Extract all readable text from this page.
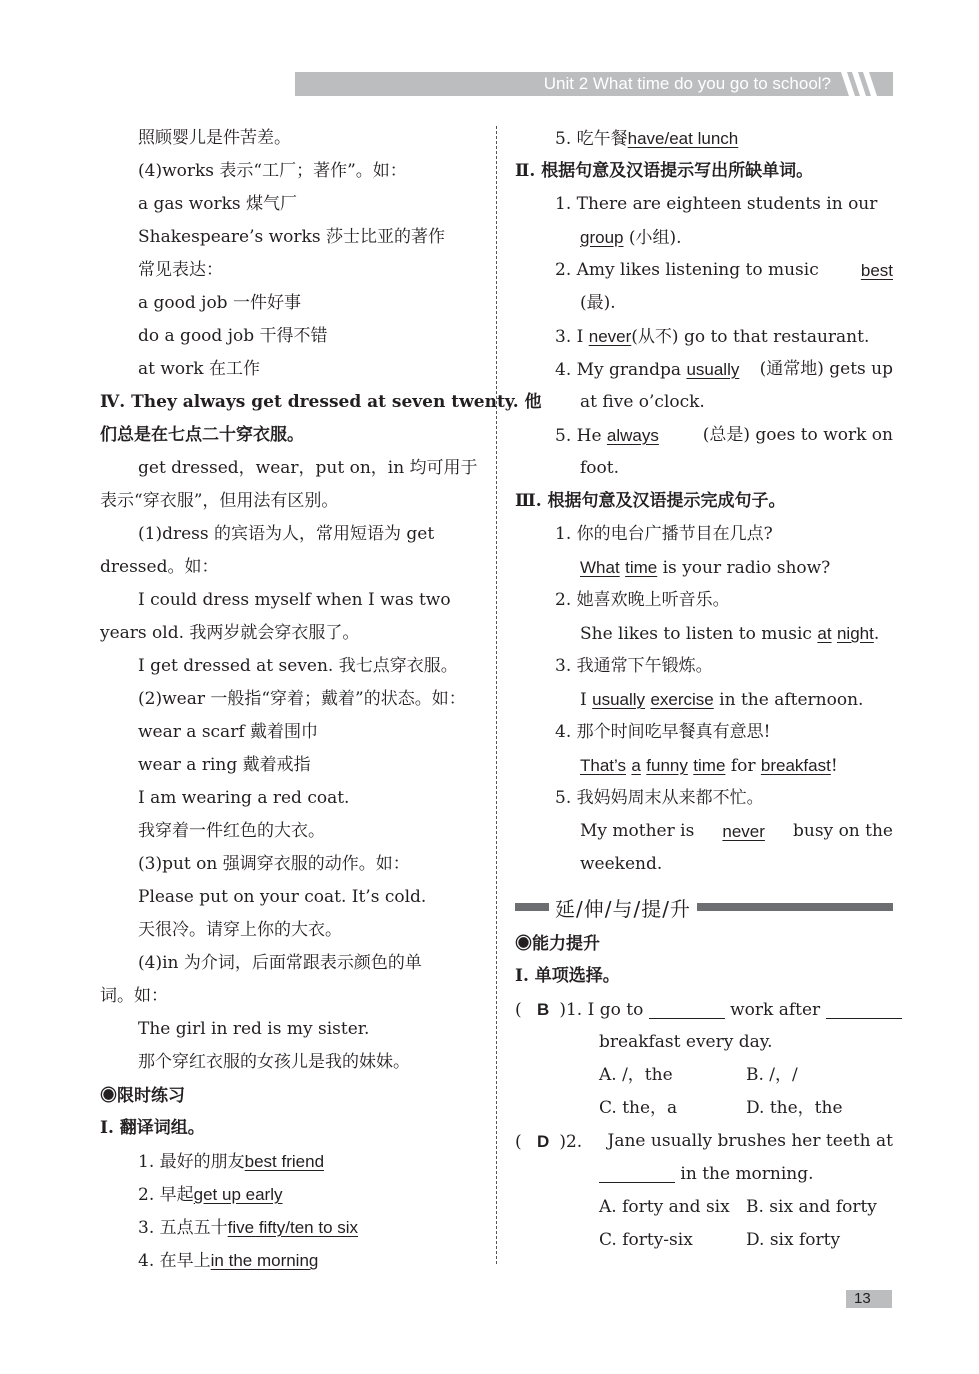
Unit 2 What time do you go to school?
照顾婴儿是件苦差。
(4)works 表示“工厂；著作”。如：
a gas works 煤气厂
Shakespeare’s works 莎士比亚的著作
常见表达：
a good job 一件好事
do a good job 干得不错
at work 在工作
Ⅳ. They always get dressed at seven twenty. 他
们总是在七点二十穿衣服。
get dressed，wear，put on，in 均可用于
表示“穿衣服”，但用法有区别。
(1)dress 的宾语为人，常用短语为 get
dressed。如：
I could dress myself when I was two
years old. 我两岁就会穿衣服了。
I get dressed at seven. 我七点穿衣服。
(2)wear 一般指“穿着；戴着”的状态。如：
wear a scarf 戴着围巾
wear a ring 戴着戒指
I am wearing a red coat.
我穿着一件红色的大衣。
(3)put on 强调穿衣服的动作。如：
Please put on your coat. It’s cold.
天很冷。请穿上你的大衣。
(4)in 为介词，后面常跟表示颜色的单
词。如：
The girl in red is my sister.
那个穿红衣服的女孩儿是我的妹妹。
◉限时练习
Ⅰ. 翻译词组。
1. 最好的朋友best friend
2. 早起get up early
3. 五点五十five fifty/ten to six
4. 在早上in the morning
5. 吃午餐have/eat lunch
Ⅱ. 根据句意及汉语提示写出所缺单词。
1. There are eighteen students in our
group (小组).
2. Amy likes listening to music best
(最).
3. I never(从不) go to that restaurant.
4. My grandpa usually (通常地) gets up
at five o’clock.
5. He always	(总是) goes to work on
foot.
Ⅲ. 根据句意及汉语提示完成句子。
1. 你的电台广播节目在几点?
What time is your radio show?
2. 她喜欢晚上听音乐。
She likes to listen to music at night.
3. 我通常下午锻炼。
I usually exercise in the afternoon.
4. 那个时间吃早餐真有意思!
That’s a funny time for breakfast!
5. 我妈妈周末从来都不忙。
My mother is never busy on the
weekend.
延/伸/与/提/升
◉能力提升
Ⅰ. 单项选择。
( B )1. I go to	work after
breakfast every day.
A. /，the	B. /，/
C. the，a	D. the，the
( D )2. Jane usually brushes her teeth at
in the morning.
A. forty and six B. six and forty
C. forty-six	D. six forty
13
